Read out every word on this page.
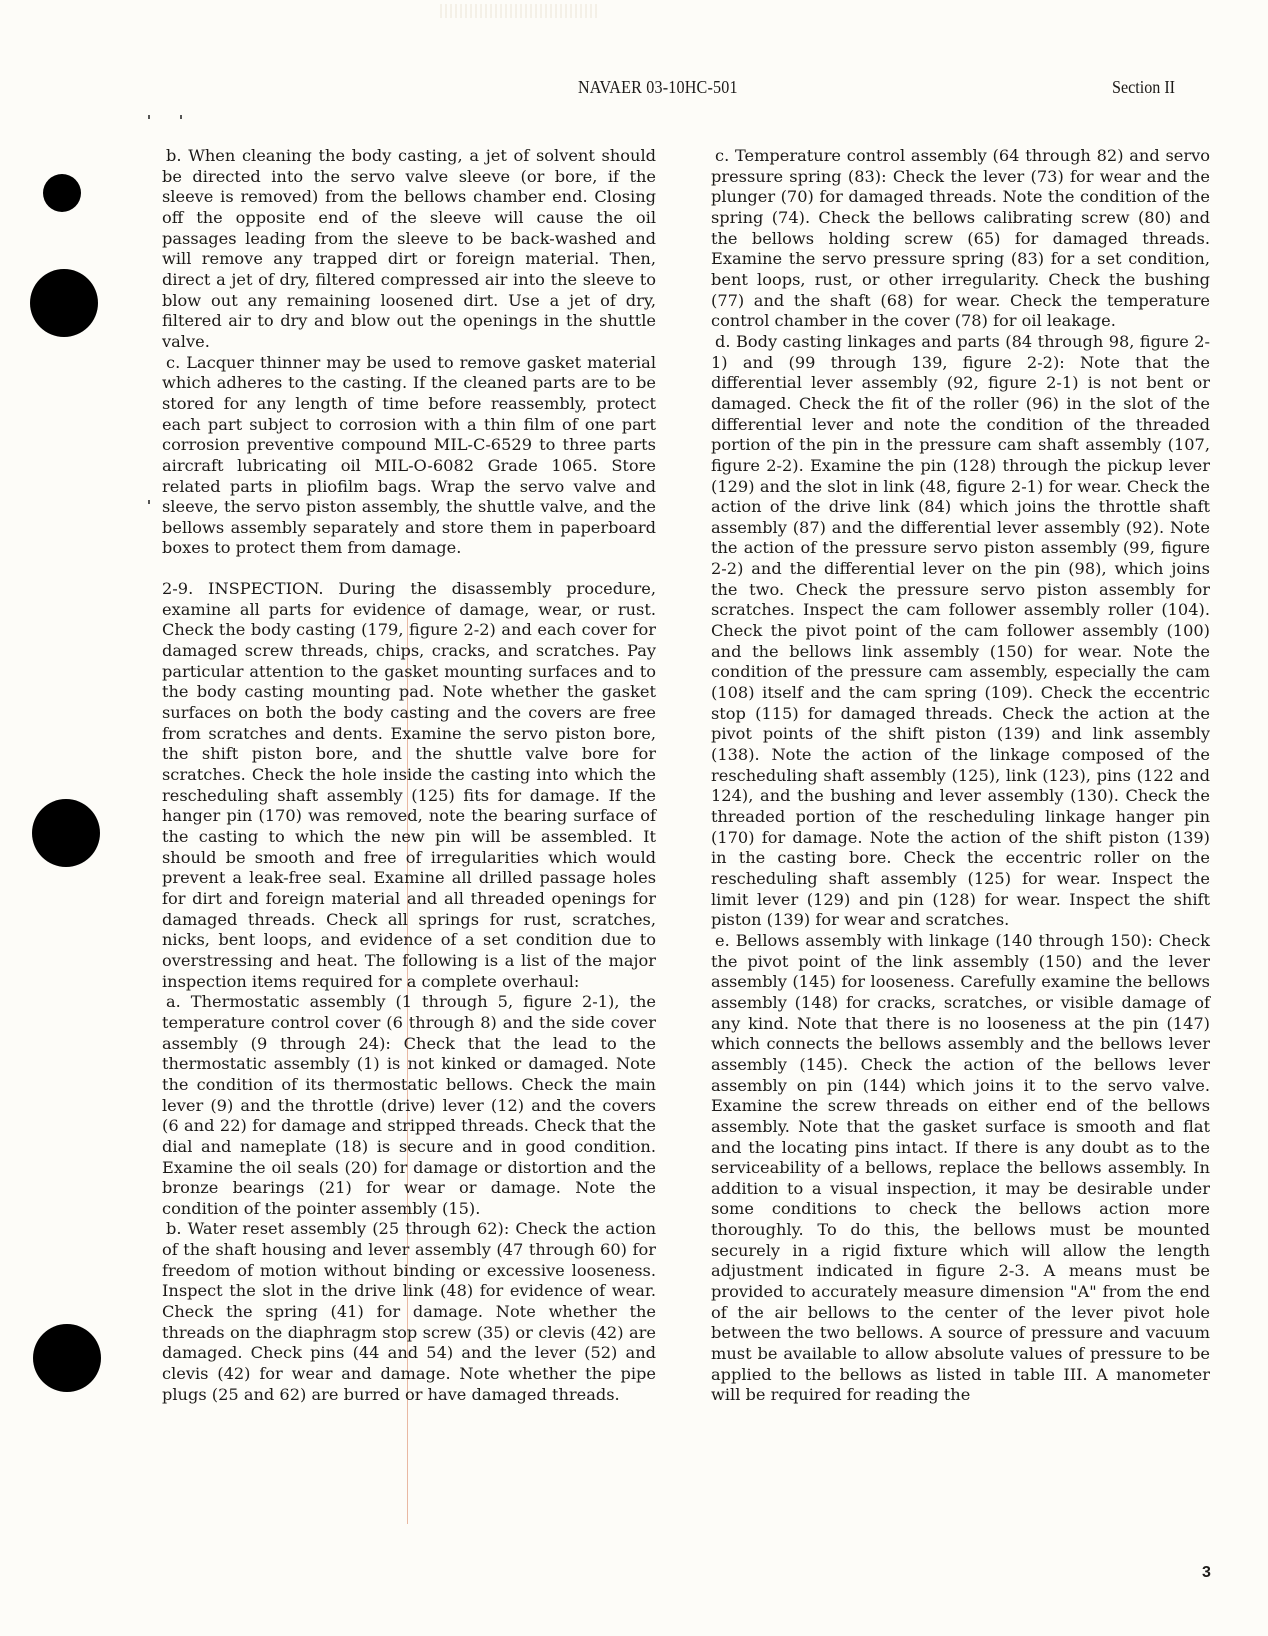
NAVAER 03-10HC-501	Section II

b. When cleaning the body casting, a jet of solvent should be directed into the servo valve sleeve (or bore, if the sleeve is removed) from the bellows chamber end. Closing off the opposite end of the sleeve will cause the oil passages leading from the sleeve to be back-washed and will remove any trapped dirt or foreign material. Then, direct a jet of dry, filtered compressed air into the sleeve to blow out any remaining loosened dirt. Use a jet of dry, filtered air to dry and blow out the openings in the shuttle valve.

c. Lacquer thinner may be used to remove gasket material which adheres to the casting. If the cleaned parts are to be stored for any length of time before reassembly, protect each part subject to corrosion with a thin film of one part corrosion preventive compound MIL-C-6529 to three parts aircraft lubricating oil MIL-O-6082 Grade 1065. Store related parts in pliofilm bags. Wrap the servo valve and sleeve, the servo piston assembly, the shuttle valve, and the bellows assembly separately and store them in paperboard boxes to protect them from damage.

2-9. INSPECTION. During the disassembly procedure, examine all parts for evidence of damage, wear, or rust. Check the body casting (179, figure 2-2) and each cover for damaged screw threads, chips, cracks, and scratches. Pay particular attention to the gasket mounting surfaces and to the body casting mounting pad. Note whether the gasket surfaces on both the body casting and the covers are free from scratches and dents. Examine the servo piston bore, the shift piston bore, and the shuttle valve bore for scratches. Check the hole inside the casting into which the rescheduling shaft assembly (125) fits for damage. If the hanger pin (170) was removed, note the bearing surface of the casting to which the new pin will be assembled. It should be smooth and free of irregularities which would prevent a leak-free seal. Examine all drilled passage holes for dirt and foreign material and all threaded openings for damaged threads. Check all springs for rust, scratches, nicks, bent loops, and evidence of a set condition due to overstressing and heat. The following is a list of the major inspection items required for a complete overhaul:

a. Thermostatic assembly (1 through 5, figure 2-1), the temperature control cover (6 through 8) and the side cover assembly (9 through 24): Check that the lead to the thermostatic assembly (1) is not kinked or damaged. Note the condition of its thermostatic bellows. Check the main lever (9) and the throttle (drive) lever (12) and the covers (6 and 22) for damage and stripped threads. Check that the dial and nameplate (18) is secure and in good condition. Examine the oil seals (20) for damage or distortion and the bronze bearings (21) for wear or damage. Note the condition of the pointer assembly (15).

b. Water reset assembly (25 through 62): Check the action of the shaft housing and lever assembly (47 through 60) for freedom of motion without binding or excessive looseness. Inspect the slot in the drive link (48) for evidence of wear. Check the spring (41) for damage. Note whether the threads on the diaphragm stop screw (35) or clevis (42) are damaged. Check pins (44 and 54) and the lever (52) and clevis (42) for wear and damage. Note whether the pipe plugs (25 and 62) are burred or have damaged threads.

c. Temperature control assembly (64 through 82) and servo pressure spring (83): Check the lever (73) for wear and the plunger (70) for damaged threads. Note the condition of the spring (74). Check the bellows calibrating screw (80) and the bellows holding screw (65) for damaged threads. Examine the servo pressure spring (83) for a set condition, bent loops, rust, or other irregularity. Check the bushing (77) and the shaft (68) for wear. Check the temperature control chamber in the cover (78) for oil leakage.

d. Body casting linkages and parts (84 through 98, figure 2-1) and (99 through 139, figure 2-2): Note that the differential lever assembly (92, figure 2-1) is not bent or damaged. Check the fit of the roller (96) in the slot of the differential lever and note the condition of the threaded portion of the pin in the pressure cam shaft assembly (107, figure 2-2). Examine the pin (128) through the pickup lever (129) and the slot in link (48, figure 2-1) for wear. Check the action of the drive link (84) which joins the throttle shaft assembly (87) and the differential lever assembly (92). Note the action of the pressure servo piston assembly (99, figure 2-2) and the differential lever on the pin (98), which joins the two. Check the pressure servo piston assembly for scratches. Inspect the cam follower assembly roller (104). Check the pivot point of the cam follower assembly (100) and the bellows link assembly (150) for wear. Note the condition of the pressure cam assembly, especially the cam (108) itself and the cam spring (109). Check the eccentric stop (115) for damaged threads. Check the action at the pivot points of the shift piston (139) and link assembly (138). Note the action of the linkage composed of the rescheduling shaft assembly (125), link (123), pins (122 and 124), and the bushing and lever assembly (130). Check the threaded portion of the rescheduling linkage hanger pin (170) for damage. Note the action of the shift piston (139) in the casting bore. Check the eccentric roller on the rescheduling shaft assembly (125) for wear. Inspect the limit lever (129) and pin (128) for wear. Inspect the shift piston (139) for wear and scratches.

e. Bellows assembly with linkage (140 through 150): Check the pivot point of the link assembly (150) and the lever assembly (145) for looseness. Carefully examine the bellows assembly (148) for cracks, scratches, or visible damage of any kind. Note that there is no looseness at the pin (147) which connects the bellows assembly and the bellows lever assembly (145). Check the action of the bellows lever assembly on pin (144) which joins it to the servo valve. Examine the screw threads on either end of the bellows assembly. Note that the gasket surface is smooth and flat and the locating pins intact. If there is any doubt as to the serviceability of a bellows, replace the bellows assembly. In addition to a visual inspection, it may be desirable under some conditions to check the bellows action more thoroughly. To do this, the bellows must be mounted securely in a rigid fixture which will allow the length adjustment indicated in figure 2-3. A means must be provided to accurately measure dimension "A" from the end of the air bellows to the center of the lever pivot hole between the two bellows. A source of pressure and vacuum must be available to allow absolute values of pressure to be applied to the bellows as listed in table III. A manometer will be required for reading the

3
